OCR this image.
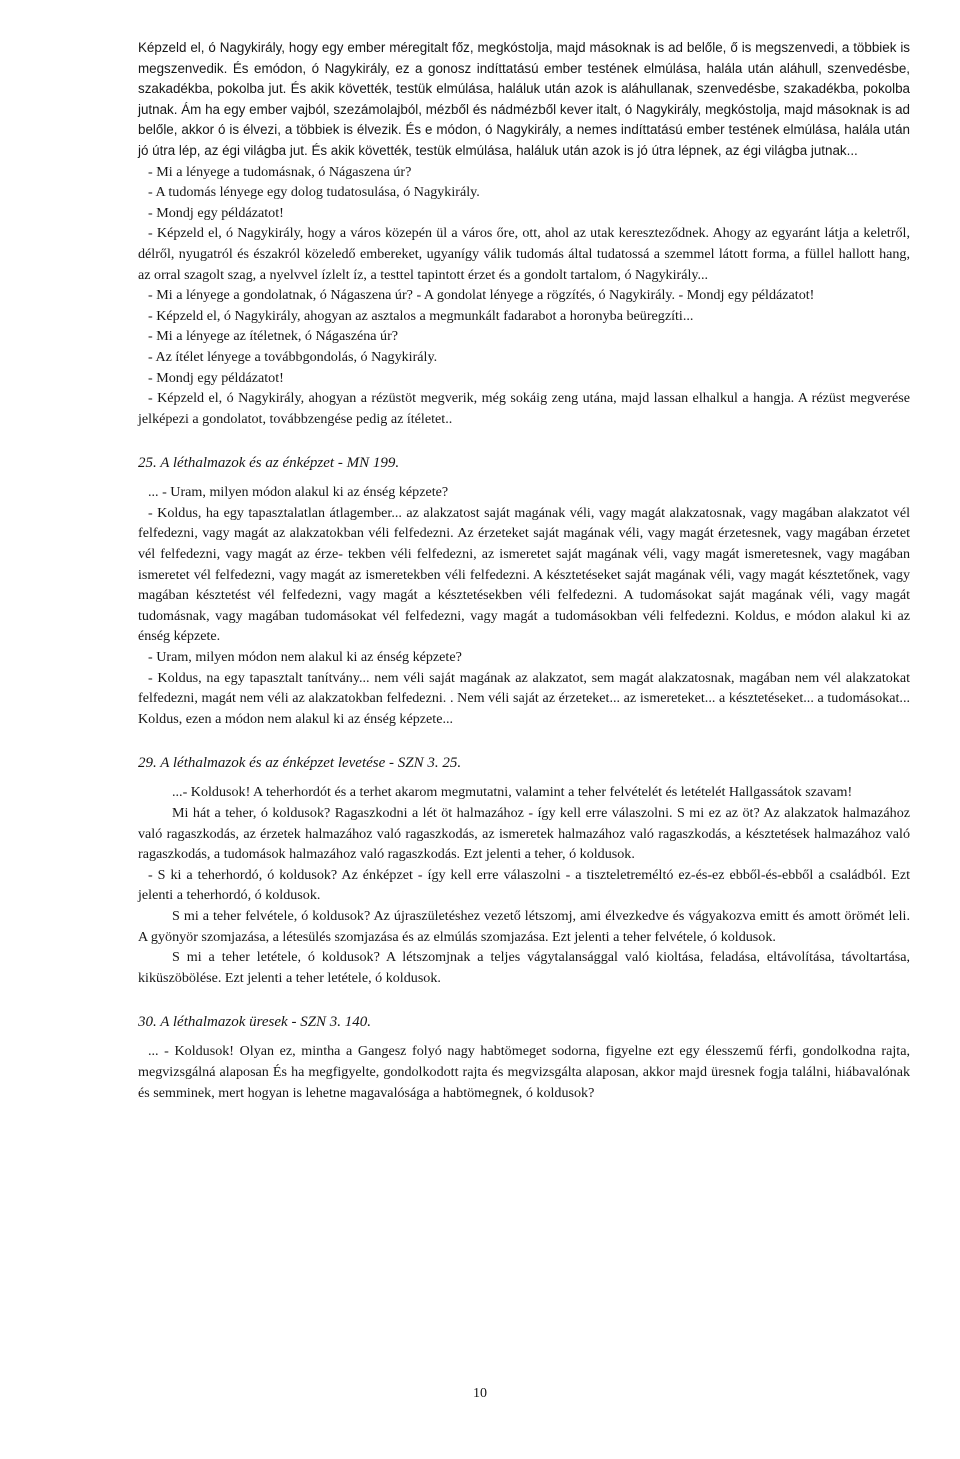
Képzeld el, ó Nagykirály, hogy egy ember méregitalt főz, megkóstolja, majd másoknak is ad belőle, ő is megszenvedi, a többiek is megszenvedik. És emódon, ó Nagykirály, ez a gonosz indíttatású ember testének elmúlása, halála után aláhull, szenvedésbe, szakadékba, pokolba jut. És akik követték, testük elmúlása, haláluk után azok is aláhullanak, szenvedésbe, szakadékba, pokolba jutnak. Ám ha egy ember vajból, szezámolajból, mézből és nádmézből kever italt, ó Nagykirály, megkóstolja, majd másoknak is ad belőle, akkor ó is élvezi, a többiek is élvezik. És e módon, ó Nagykirály, a nemes indíttatású ember testének elmúlása, halála után jó útra lép, az égi világba jut. És akik követték, testük elmúlása, haláluk után azok is jó útra lépnek, az égi világba jutnak...

- Mi a lényege a tudomásnak, ó Nágaszena úr?

- A tudomás lényege egy dolog tudatosulása, ó Nagykirály.

- Mondj egy példázatot!

- Képzeld el, ó Nagykirály, hogy a város közepén ül a város őre, ott, ahol az utak kereszteződnek. Ahogy az egyaránt látja a keletről, délről, nyugatról és északról közeledő embereket, ugyanígy válik tudomás által tudatossá a szemmel látott forma, a füllel hallott hang, az orral szagolt szag, a nyelvvel ízlelt íz, a testtel tapintott érzet és a gondolt tartalom, ó Nagykirály...

- Mi a lényege a gondolatnak, ó Nágaszena úr? - A gondolat lényege a rögzítés, ó Nagykirály. - Mondj egy példázatot!

- Képzeld el, ó Nagykirály, ahogyan az asztalos a megmunkált fadarabot a horonyba beüregzíti...

- Mi a lényege az ítéletnek, ó Nágaszéna úr?

- Az ítélet lényege a továbbgondolás, ó Nagykirály.

- Mondj egy példázatot!

- Képzeld el, ó Nagykirály, ahogyan a rézüstöt megverik, még sokáig zeng utána, majd lassan elhalkul a hangja. A rézüst megverése jelképezi a gondolatot, továbbzengése pedig az ítéletet..

25. A léthalmazok és az énképzet - MN 199.

... - Uram, milyen módon alakul ki az énség képzete?

- Koldus, ha egy tapasztalatlan átlagember... az alakzatost saját magának véli, vagy magát alakzatosnak, vagy magában alakzatot vél felfedezni, vagy magát az alakzatokban véli felfedezni. Az érzeteket saját magának véli, vagy magát érzetesnek, vagy magában érzetet vél felfedezni, vagy magát az érze- tekben véli felfedezni, az ismeretet saját magának véli, vagy magát ismeretesnek, vagy magában ismeretet vél felfedezni, vagy magát az ismeretekben véli felfedezni. A késztetéseket saját magának véli, vagy magát késztetőnek, vagy magában késztetést vél felfedezni, vagy magát a késztetésekben véli felfedezni. A tudomásokat saját magának véli, vagy magát tudomásnak, vagy magában tudomásokat vél felfedezni, vagy magát a tudomásokban véli felfedezni. Koldus, e módon alakul ki az énség képzete.

- Uram, milyen módon nem alakul ki az énség képzete?

- Koldus, na egy tapasztalt tanítvány... nem véli saját magának az alakzatot, sem magát alakzatosnak, magában nem vél alakzatokat felfedezni, magát nem véli az alakzatokban felfedezni. . Nem véli saját az érzeteket... az ismereteket... a késztetéseket... a tudomásokat... Koldus, ezen a módon nem alakul ki az énség képzete...

29. A léthalmazok és az énképzet levetése - SZN 3. 25.

...- Koldusok! A teherhordót és a terhet akarom megmutatni, valamint a teher felvételét és letételét Hallgassátok szavam!

Mi hát a teher, ó koldusok? Ragaszkodni a lét öt halmazához - így kell erre válaszolni. S mi ez az öt? Az alakzatok halmazához való ragaszkodás, az érzetek halmazához való ragaszkodás, az ismeretek halmazához való ragaszkodás, a késztetések halmazához való ragaszkodás, a tudomások halmazához való ragaszkodás. Ezt jelenti a teher, ó koldusok.

- S ki a teherhordó, ó koldusok? Az énképzet - így kell erre válaszolni - a tiszteletreméltó ez-és-ez ebből-és-ebből a családból. Ezt jelenti a teherhordó, ó koldusok.

S mi a teher felvétele, ó koldusok? Az újraszületéshez vezető létszomj, ami élvezkedve és vágyakozva emitt és amott örömét leli. A gyönyör szomjazása, a létesülés szomjazása és az elmúlás szomjazása. Ezt jelenti a teher felvétele, ó koldusok.

S mi a teher letétele, ó koldusok? A létszomjnak a teljes vágytalansággal való kioltása, feladása, eltávolítása, távoltartása, kiküszöbölése. Ezt jelenti a teher letétele, ó koldusok.

30. A léthalmazok üresek - SZN 3. 140.

... - Koldusok! Olyan ez, mintha a Gangesz folyó nagy habtömeget sodorna, figyelne ezt egy élesszemű férfi, gondolkodna rajta, megvizsgálná alaposan És ha megfigyelte, gondolkodott rajta és megvizsgálta alaposan, akkor majd üresnek fogja találni, hiábavalónak és semminek, mert hogyan is lehetne magavalósága a habtömegnek, ó koldusok?

10
